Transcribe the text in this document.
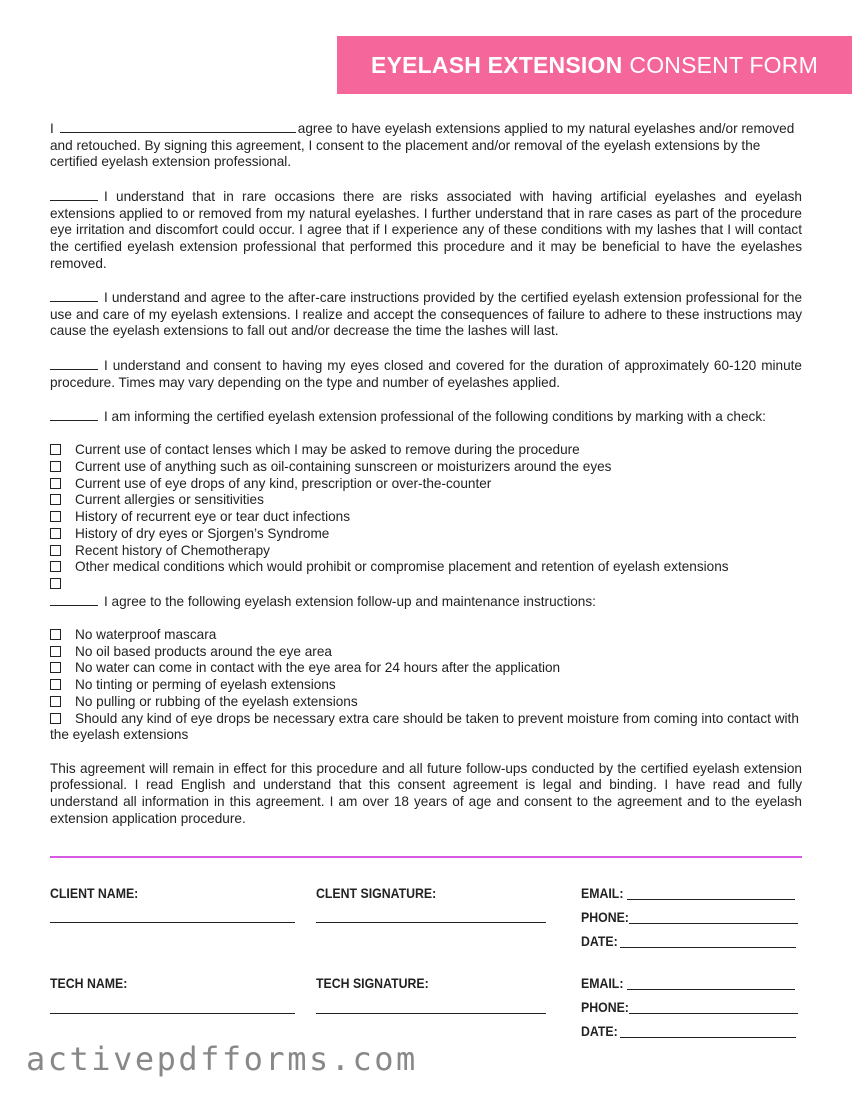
EYELASH EXTENSION CONSENT FORM

I	agree to have eyelash extensions applied to my natural eyelashes and/or removed and retouched. By signing this agreement, I consent to the placement and/or removal of the eyelash extensions by the certified eyelash extension professional.

I understand that in rare occasions there are risks associated with having artificial eyelashes and eyelash extensions applied to or removed from my natural eyelashes. I further understand that in rare cases as part of the procedure eye irritation and discomfort could occur. I agree that if I experience any of these conditions with my lashes that I will contact the certified eyelash extension professional that performed this procedure and it may be beneficial to have the eyelashes removed.

I understand and agree to the after-care instructions provided by the certified eyelash extension professional for the use and care of my eyelash extensions. I realize and accept the consequences of failure to adhere to these instructions may cause the eyelash extensions to fall out and/or decrease the time the lashes will last.

I understand and consent to having my eyes closed and covered for the duration of approximately 60-120 minute procedure. Times may vary depending on the type and number of eyelashes applied.

I am informing the certified eyelash extension professional of the following conditions by marking with a check:

Current use of contact lenses which I may be asked to remove during the procedure
Current use of anything such as oil-containing sunscreen or moisturizers around the eyes
Current use of eye drops of any kind, prescription or over-the-counter
Current allergies or sensitivities
History of recurrent eye or tear duct infections
History of dry eyes or Sjorgen’s Syndrome
Recent history of Chemotherapy
Other medical conditions which would prohibit or compromise placement and retention of eyelash extensions

I agree to the following eyelash extension follow-up and maintenance instructions:

No waterproof mascara
No oil based products around the eye area
No water can come in contact with the eye area for 24 hours after the application
No tinting or perming of eyelash extensions
No pulling or rubbing of the eyelash extensions
Should any kind of eye drops be necessary extra care should be taken to prevent moisture from coming into contact with the eyelash extensions

This agreement will remain in effect for this procedure and all future follow-ups conducted by the certified eyelash extension professional. I read English and understand that this consent agreement is legal and binding. I have read and fully understand all information in this agreement. I am over 18 years of age and consent to the agreement and to the eyelash extension application procedure.

CLIENT NAME:	CLENT SIGNATURE:	EMAIL:
PHONE:
DATE:
TECH NAME:	TECH SIGNATURE:	EMAIL:
PHONE:
DATE:
activepdfforms.com
